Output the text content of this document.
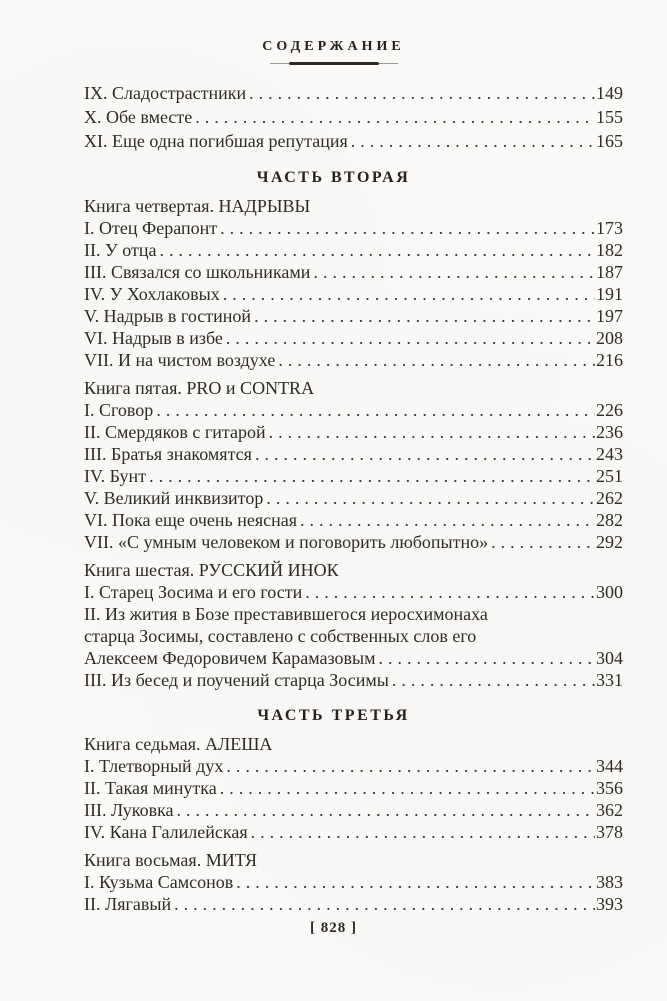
СОДЕРЖАНИЕ
IX. Сладострастники .....	149
X. Обе вместе .....	155
XI. Еще одна погибшая репутация .....	165
ЧАСТЬ ВТОРАЯ
Книга четвертая. НАДРЫВЫ
I. Отец Ферапонт .....	173
II. У отца .....	182
III. Связался со школьниками .....	187
IV. У Хохлаковых .....	191
V. Надрыв в гостиной .....	197
VI. Надрыв в избе .....	208
VII. И на чистом воздухе .....	216
Книга пятая. PRO и CONTRA
I. Сговор .....	226
II. Смердяков с гитарой .....	236
III. Братья знакомятся .....	243
IV. Бунт .....	251
V. Великий инквизитор .....	262
VI. Пока еще очень неясная .....	282
VII. «С умным человеком и поговорить любопытно» .....	292
Книга шестая. РУССКИЙ ИНОК
I. Старец Зосима и его гости .....	300
II. Из жития в Бозе преставившегося иеросхимонаха
старца Зосимы, составлено с собственных слов его
Алексеем Федоровичем Карамазовым .....	304
III. Из бесед и поучений старца Зосимы .....	331
ЧАСТЬ ТРЕТЬЯ
Книга седьмая. АЛЕША
I. Тлетворный дух .....	344
II. Такая минутка .....	356
III. Луковка .....	362
IV. Кана Галилейская .....	378
Книга восьмая. МИТЯ
I. Кузьма Самсонов .....	383
II. Лягавый .....	393
[ 828 ]
